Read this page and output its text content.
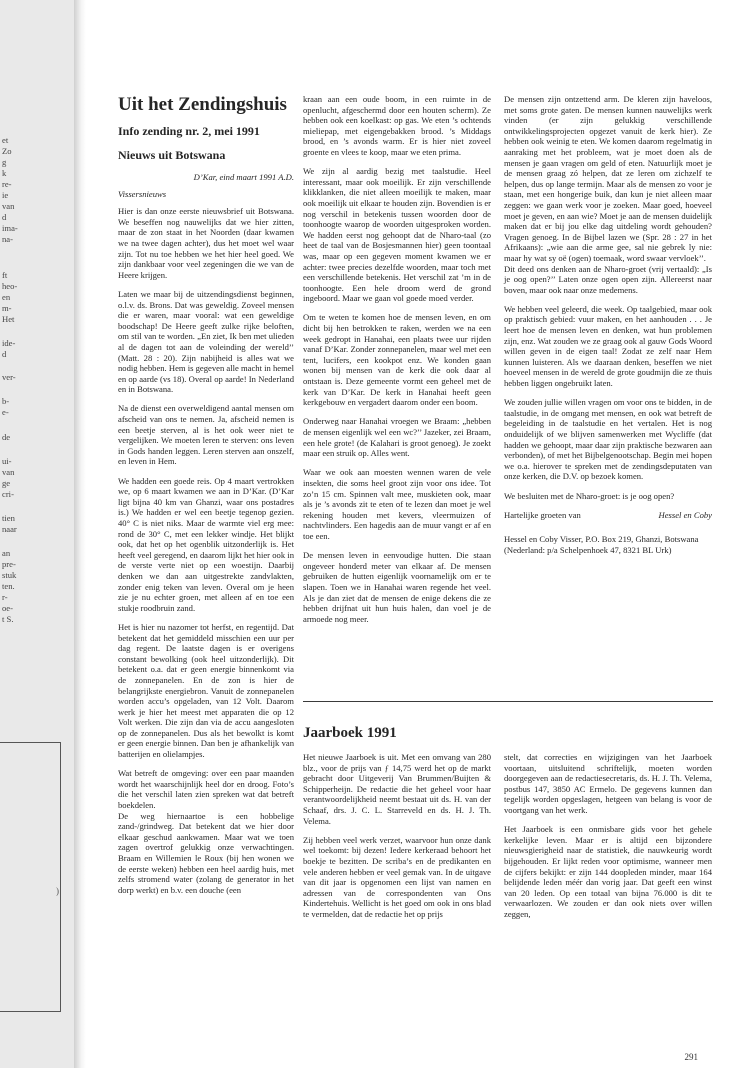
et
Zo
g
k
re-
ie
van
d
ima-
na-
ft
heo-
en
m-
Het
ide-
d
ver-
b-
e-
de
ui-
van
ge
cri-
tien
naar
an
pre-
stuk
ten.
r-
oe-
t S.
)
Uit het Zendingshuis
Info zending nr. 2, mei 1991
Nieuws uit Botswana
D’Kar, eind maart 1991 A.D.
Vissersnieuws

Hier is dan onze eerste nieuwsbrief uit Botswana. We beseffen nog nauwelijks dat we hier zitten, maar de zon staat in het Noorden (daar kwamen we na twee dagen achter), dus het moet wel waar zijn. Tot nu toe hebben we het hier heel goed. We zijn dankbaar voor veel zegeningen die we van de Heere krijgen.

Laten we maar bij de uitzendingsdienst beginnen, o.l.v. ds. Brons. Dat was geweldig. Zoveel mensen die er waren, maar vooral: wat een geweldige boodschap! De Heere geeft zulke rijke beloften, om stil van te worden. „En ziet, Ik ben met ulieden al de dagen tot aan de voleinding der wereld’’ (Matt. 28 : 20). Zijn nabijheid is alles wat we nodig hebben. Hem is gegeven alle macht in hemel en op aarde (vs 18). Overal op aarde! In Nederland en in Botswana.

Na de dienst een overweldigend aantal mensen om afscheid van ons te nemen. Ja, afscheid nemen is een beetje sterven, al is het ook weer niet te vergelijken. We moeten leren te sterven: ons leven in Gods handen leggen. Leren sterven aan onszelf, en leven in Hem.

We hadden een goede reis. Op 4 maart vertrokken we, op 6 maart kwamen we aan in D’Kar. (D’Kar ligt bijna 40 km van Ghanzi, waar ons postadres is.) We hadden er wel een beetje tegenop gezien. 40° C is niet niks. Maar de warmte viel erg mee: rond de 30° C, met een lekker windje. Het blijkt ook, dat het op het ogenblik uitzonderlijk is. Het heeft veel geregend, en daarom lijkt het hier ook in de verste verte niet op een woestijn. Daarbij denken we dan aan uitgestrekte zandvlakten, zonder enig teken van leven. Overal om je heen zie je nu echter groen, met alleen af en toe een stukje roodbruin zand.

Het is hier nu nazomer tot herfst, en regentijd. Dat betekent dat het gemiddeld misschien een uur per dag regent. De laatste dagen is er overigens constant bewolking (ook heel uitzonderlijk). Dit betekent o.a. dat er geen energie binnenkomt via de zonnepanelen. En de zon is hier de belangrijkste energiebron. Vanuit de zonnepanelen worden accu’s opgeladen, van 12 Volt. Daarom werk je hier het meest met apparaten die op 12 Volt werken. Die zijn dan via de accu aangesloten op de zonnepanelen. Dus als het bewolkt is komt er geen energie binnen. Dan ben je afhankelijk van batterijen en olielampjes.

Wat betreft de omgeving: over een paar maanden wordt het waarschijnlijk heel dor en droog. Foto’s die het verschil laten zien spreken wat dat betreft boekdelen.
De weg hiernaartoe is een hobbelige zand-/grindweg. Dat betekent dat we hier door elkaar geschud aankwamen. Maar wat we toen zagen overtrof gelukkig onze verwachtingen. Braam en Willemien le Roux (bij hen wonen we de eerste weken) hebben een heel aardig huis, met zelfs stromend water (zolang de generator in het dorp werkt) en b.v. een douche (een

kraan aan een oude boom, in een ruimte in de openlucht, afgeschermd door een houten scherm). Ze hebben ook een koelkast: op gas. We eten ’s ochtends mieliepap, met eigengebakken brood. ’s Middags brood, en ’s avonds warm. Er is hier niet zoveel groente en vlees te koop, maar we eten prima.

We zijn al aardig bezig met taalstudie. Heel interessant, maar ook moeilijk. Er zijn verschillende klikklanken, die niet alleen moeilijk te maken, maar ook moeilijk uit elkaar te houden zijn. Bovendien is er nog verschil in betekenis tussen woorden door de toonhoogte waarop de woorden uitgesproken worden. We hadden eerst nog gehoopt dat de Nharo-taal (zo heet de taal van de Bosjesmannen hier) geen toontaal was, maar op een gegeven moment kwamen we er achter: twee precies dezelfde woorden, maar toch met een verschillende betekenis. Het verschil zat ’m in de toonhoogte. Een hele droom werd de grond ingeboord. Maar we gaan vol goede moed verder.

Om te weten te komen hoe de mensen leven, en om dicht bij hen betrokken te raken, werden we na een week gedropt in Hanahai, een plaats twee uur rijden vanaf D’Kar. Zonder zonnepanelen, maar wel met een tent, lucifers, een kookpot enz. We konden gaan wonen bij mensen van de kerk die ook daar al ontstaan is. Deze gemeente vormt een geheel met de kerk van D’Kar. De kerk in Hanahai heeft geen kerkgebouw en vergadert daarom onder een boom.

Onderweg naar Hanahai vroegen we Braam: „hebben de mensen eigenlijk wel een wc?’’ Jazeker, zei Braam, een hele grote! (de Kalahari is groot genoeg). Je zoekt maar een struik op. Alles went.

Waar we ook aan moesten wennen waren de vele insekten, die soms heel groot zijn voor ons idee. Tot zo’n 15 cm. Spinnen valt mee, muskieten ook, maar als je ’s avonds zit te eten of te lezen dan moet je wel rekening houden met kevers, vleermuizen of nachtvlinders. Een hagedis aan de muur vangt er af en toe een.

De mensen leven in eenvoudige hutten. Die staan ongeveer honderd meter van elkaar af. De mensen gebruiken de hutten eigenlijk voornamelijk om er te slapen. Toen we in Hanahai waren regende het veel. Als je dan ziet dat de mensen de enige dekens die ze hebben drijfnat uit hun huis halen, dan voel je de armoede nog meer.

De mensen zijn ontzettend arm. De kleren zijn haveloos, met soms grote gaten. De mensen kunnen nauwelijks werk vinden (er zijn gelukkig verschillende ontwikkelingsprojecten opgezet vanuit de kerk hier). Ze hebben ook weinig te eten. We komen daarom regelmatig in aanraking met het probleem, wat je moet doen als de mensen je gaan vragen om geld of eten. Natuurlijk moet je de mensen graag zó helpen, dat ze leren om zichzelf te helpen, dus op lange termijn. Maar als de mensen zo voor je staan, met een hongerige buik, dan kun je niet alleen maar zeggen: we gaan werk voor je zoeken. Maar goed, hoeveel moet je geven, en aan wie? Moet je aan de mensen duidelijk maken dat er bij jou elke dag uitdeling wordt gehouden? Vragen genoeg. In de Bijbel lazen we (Spr. 28 : 27 in het Afrikaans): „wie aan die arme gee, sal nie gebrek ly nie: maar hy wat sy oë (ogen) toemaak, word swaar vervloek’’.
Dit deed ons denken aan de Nharo-groet (vrij vertaald): „Is je oog open?’’ Laten onze ogen open zijn. Allereerst naar boven, maar ook naar onze medemens.

We hebben veel geleerd, die week. Op taalgebied, maar ook op praktisch gebied: vuur maken, en het aanhouden . . . Je leert hoe de mensen leven en denken, wat hun problemen zijn, enz. Wat zouden we ze graag ook al gauw Gods Woord willen geven in de eigen taal! Zodat ze zelf naar Hem kunnen luisteren. Als we daaraan denken, beseffen we niet hoeveel mensen in de wereld de grote goudmijn die ze thuis hebben liggen ongebruikt laten.

We zouden jullie willen vragen om voor ons te bidden, in de taalstudie, in de omgang met mensen, en ook wat betreft de begeleiding in de taalstudie en het vertalen. Het is nog onduidelijk of we blijven samenwerken met Wycliffe (dat hadden we gehoopt, maar daar zijn praktische bezwaren aan verbonden), of met het Bijbelgenootschap. Begin mei hopen we o.a. hierover te spreken met de zendingsdeputaten van onze kerken, die D.V. op bezoek komen.

We besluiten met de Nharo-groet: is je oog open?

Hartelijke groeten van	Hessel en Coby

Hessel en Coby Visser, P.O. Box 219, Ghanzi, Botswana
(Nederland: p/a Schelpenhoek 47, 8321 BL Urk)

Jaarboek 1991

Het nieuwe Jaarboek is uit. Met een omvang van 280 blz., voor de prijs van ƒ 14,75 werd het op de markt gebracht door Uitgeverij Van Brummen/Buijten & Schipperheijn. De redactie die het geheel voor haar verantwoordelijkheid neemt bestaat uit ds. H. van der Schaaf, drs. J. C. L. Starreveld en ds. H. J. Th. Velema.

Zij hebben veel werk verzet, waarvoor hun onze dank wel toekomt: bij dezen! Iedere kerkeraad behoort het boekje te bezitten. De scriba’s en de predikanten en vele anderen hebben er veel gemak van. In de uitgave van dit jaar is opgenomen een lijst van namen en adressen van de correspondenten van Ons Kindertehuis. Wellicht is het goed om ook in ons blad te vermelden, dat de redactie het op prijs

stelt, dat correcties en wijzigingen van het Jaarboek voortaan, uitsluitend schriftelijk, moeten worden doorgegeven aan de redactiesecretaris, ds. H. J. Th. Velema, postbus 147, 3850 AC Ermelo. De gegevens kunnen dan tegelijk worden opgeslagen, hetgeen van belang is voor de voortgang van het werk.

Het Jaarboek is een onmisbare gids voor het gehele kerkelijke leven. Maar er is altijd een bijzondere nieuwsgierigheid naar de statistiek, die nauwkeurig wordt bijgehouden. Er lijkt reden voor optimisme, wanneer men de cijfers bekijkt: er zijn 144 doopleden minder, maar 164 belijdende leden méér dan vorig jaar. Dat geeft een winst van 20 leden. Op een totaal van bijna 76.000 is dit te verwaarlozen. We zouden er dan ook niets over willen zeggen,

291
